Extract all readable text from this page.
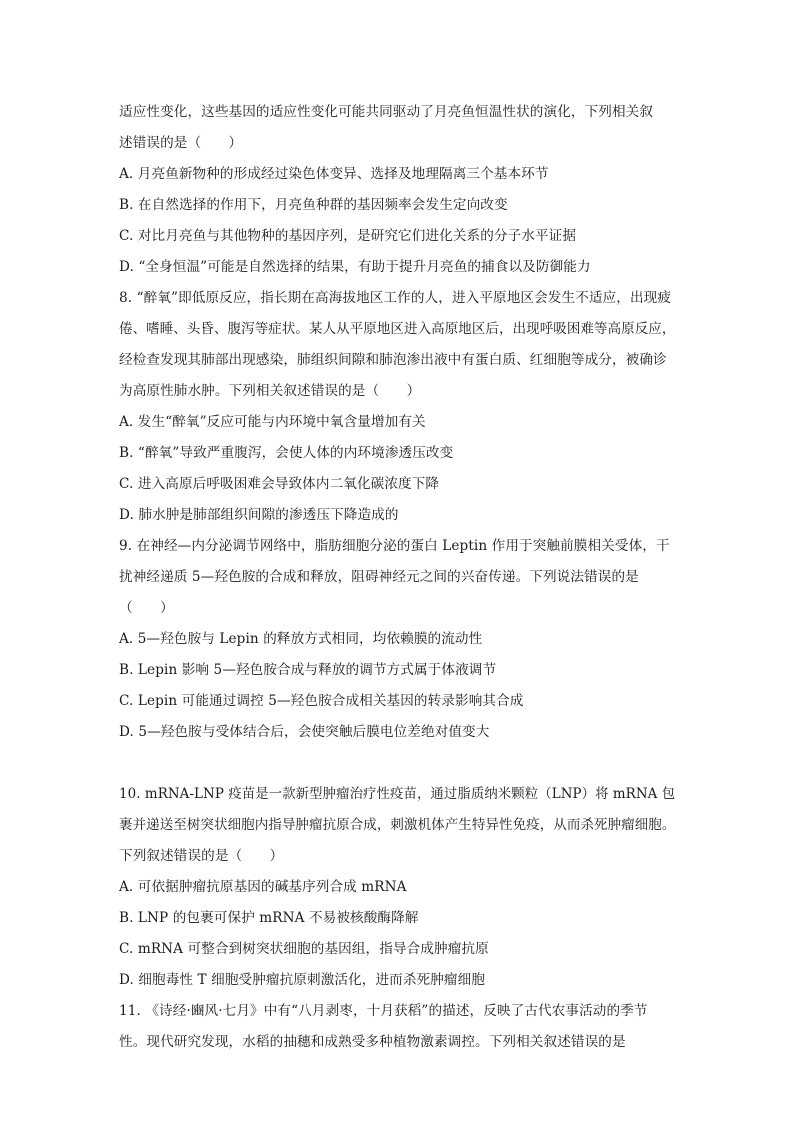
适应性变化，这些基因的适应性变化可能共同驱动了月亮鱼恒温性状的演化，下列相关叙
述错误的是（　　）
A. 月亮鱼新物种的形成经过染色体变异、选择及地理隔离三个基本环节
B. 在自然选择的作用下，月亮鱼种群的基因频率会发生定向改变
C. 对比月亮鱼与其他物种的基因序列，是研究它们进化关系的分子水平证据
D. “全身恒温”可能是自然选择的结果，有助于提升月亮鱼的捕食以及防御能力
8. “醉氧”即低原反应，指长期在高海拔地区工作的人，进入平原地区会发生不适应，出现疲
倦、嗜睡、头昏、腹泻等症状。某人从平原地区进入高原地区后，出现呼吸困难等高原反应，
经检查发现其肺部出现感染，肺组织间隙和肺泡渗出液中有蛋白质、红细胞等成分，被确诊
为高原性肺水肿。下列相关叙述错误的是（　　）
A. 发生“醉氧”反应可能与内环境中氧含量增加有关
B. “醉氧”导致严重腹泻，会使人体的内环境渗透压改变
C. 进入高原后呼吸困难会导致体内二氧化碳浓度下降
D. 肺水肿是肺部组织间隙的渗透压下降造成的
9. 在神经—内分泌调节网络中，脂肪细胞分泌的蛋白 Leptin 作用于突触前膜相关受体，干
扰神经递质 5—羟色胺的合成和释放，阻碍神经元之间的兴奋传递。下列说法错误的是
（　　）
A. 5—羟色胺与 Lepin 的释放方式相同，均依赖膜的流动性
B. Lepin 影响 5—羟色胺合成与释放的调节方式属于体液调节
C. Lepin 可能通过调控 5—羟色胺合成相关基因的转录影响其合成
D. 5—羟色胺与受体结合后，会使突触后膜电位差绝对值变大
10. mRNA-LNP 疫苗是一款新型肿瘤治疗性疫苗，通过脂质纳米颗粒（LNP）将 mRNA 包
裹并递送至树突状细胞内指导肿瘤抗原合成，刺激机体产生特异性免疫，从而杀死肿瘤细胞。
下列叙述错误的是（　　）
A. 可依据肿瘤抗原基因的碱基序列合成 mRNA
B. LNP 的包裹可保护 mRNA 不易被核酸酶降解
C. mRNA 可整合到树突状细胞的基因组，指导合成肿瘤抗原
D. 细胞毒性 T 细胞受肿瘤抗原刺激活化，进而杀死肿瘤细胞
11. 《诗经·豳风·七月》中有“八月剥枣，十月获稻”的描述，反映了古代农事活动的季节
性。现代研究发现，水稻的抽穗和成熟受多种植物激素调控。下列相关叙述错误的是
